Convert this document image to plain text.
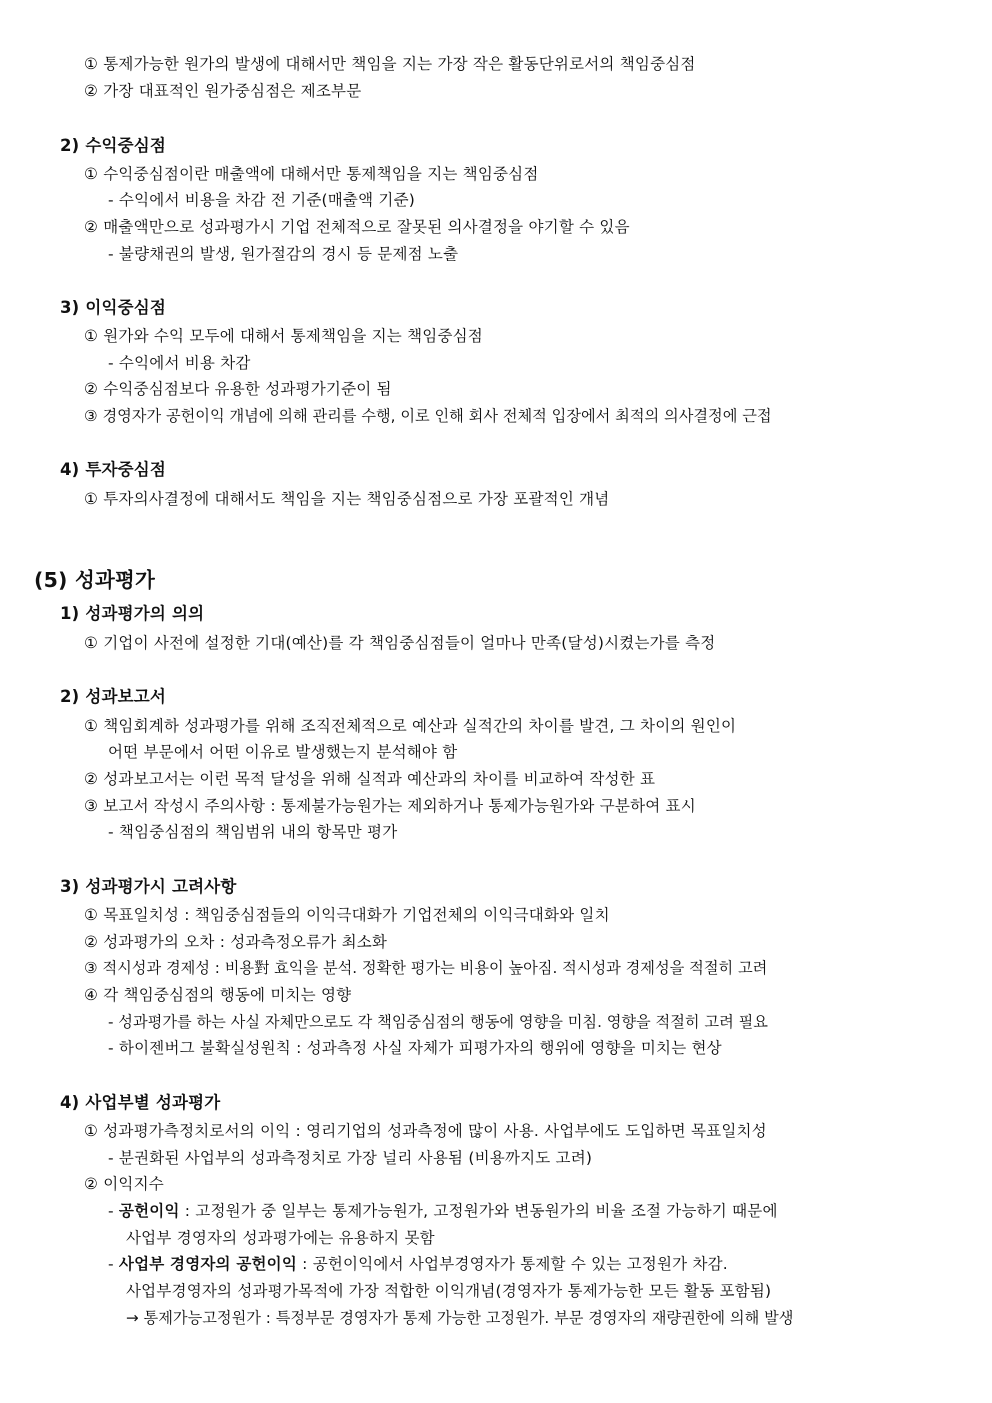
① 통제가능한 원가의 발생에 대해서만 책임을 지는 가장 작은 활동단위로서의 책임중심점
② 가장 대표적인 원가중심점은 제조부문
2) 수익중심점
① 수익중심점이란 매출액에 대해서만 통제책임을 지는 책임중심점
- 수익에서 비용을 차감 전 기준(매출액 기준)
② 매출액만으로 성과평가시 기업 전체적으로 잘못된 의사결정을 야기할 수 있음
- 불량채권의 발생, 원가절감의 경시 등 문제점 노출
3) 이익중심점
① 원가와 수익 모두에 대해서 통제책임을 지는 책임중심점
- 수익에서 비용 차감
② 수익중심점보다 유용한 성과평가기준이 됨
③ 경영자가 공헌이익 개념에 의해 관리를 수행, 이로 인해 회사 전체적 입장에서 최적의 의사결정에 근접
4) 투자중심점
① 투자의사결정에 대해서도 책임을 지는 책임중심점으로 가장 포괄적인 개념
(5) 성과평가
1) 성과평가의 의의
① 기업이 사전에 설정한 기대(예산)를 각 책임중심점들이 얼마나 만족(달성)시켰는가를 측정
2) 성과보고서
① 책임회계하 성과평가를 위해 조직전체적으로 예산과 실적간의 차이를 발견, 그 차이의 원인이
어떤 부문에서 어떤 이유로 발생했는지 분석해야 함
② 성과보고서는 이런 목적 달성을 위해 실적과 예산과의 차이를 비교하여 작성한 표
③ 보고서 작성시 주의사항 : 통제불가능원가는 제외하거나 통제가능원가와 구분하여 표시
- 책임중심점의 책임범위 내의 항목만 평가
3) 성과평가시 고려사항
① 목표일치성 : 책임중심점들의 이익극대화가 기업전체의 이익극대화와 일치
② 성과평가의 오차 : 성과측정오류가 최소화
③ 적시성과 경제성 : 비용對 효익을 분석. 정확한 평가는 비용이 높아짐. 적시성과 경제성을 적절히 고려
④ 각 책임중심점의 행동에 미치는 영향
- 성과평가를 하는 사실 자체만으로도 각 책임중심점의 행동에 영향을 미침. 영향을 적절히 고려 필요
- 하이젠버그 불확실성원칙 : 성과측정 사실 자체가 피평가자의 행위에 영향을 미치는 현상
4) 사업부별 성과평가
① 성과평가측정치로서의 이익 : 영리기업의 성과측정에 많이 사용. 사업부에도 도입하면 목표일치성
- 분권화된 사업부의 성과측정치로 가장 널리 사용됨 (비용까지도 고려)
② 이익지수
- 공헌이익 : 고정원가 중 일부는 통제가능원가, 고정원가와 변동원가의 비율 조절 가능하기 때문에
사업부 경영자의 성과평가에는 유용하지 못함
- 사업부 경영자의 공헌이익 : 공헌이익에서 사업부경영자가 통제할 수 있는 고정원가 차감.
사업부경영자의 성과평가목적에 가장 적합한 이익개념(경영자가 통제가능한 모든 활동 포함됨)
→ 통제가능고정원가 : 특정부문 경영자가 통제 가능한 고정원가. 부문 경영자의 재량권한에 의해 발생
